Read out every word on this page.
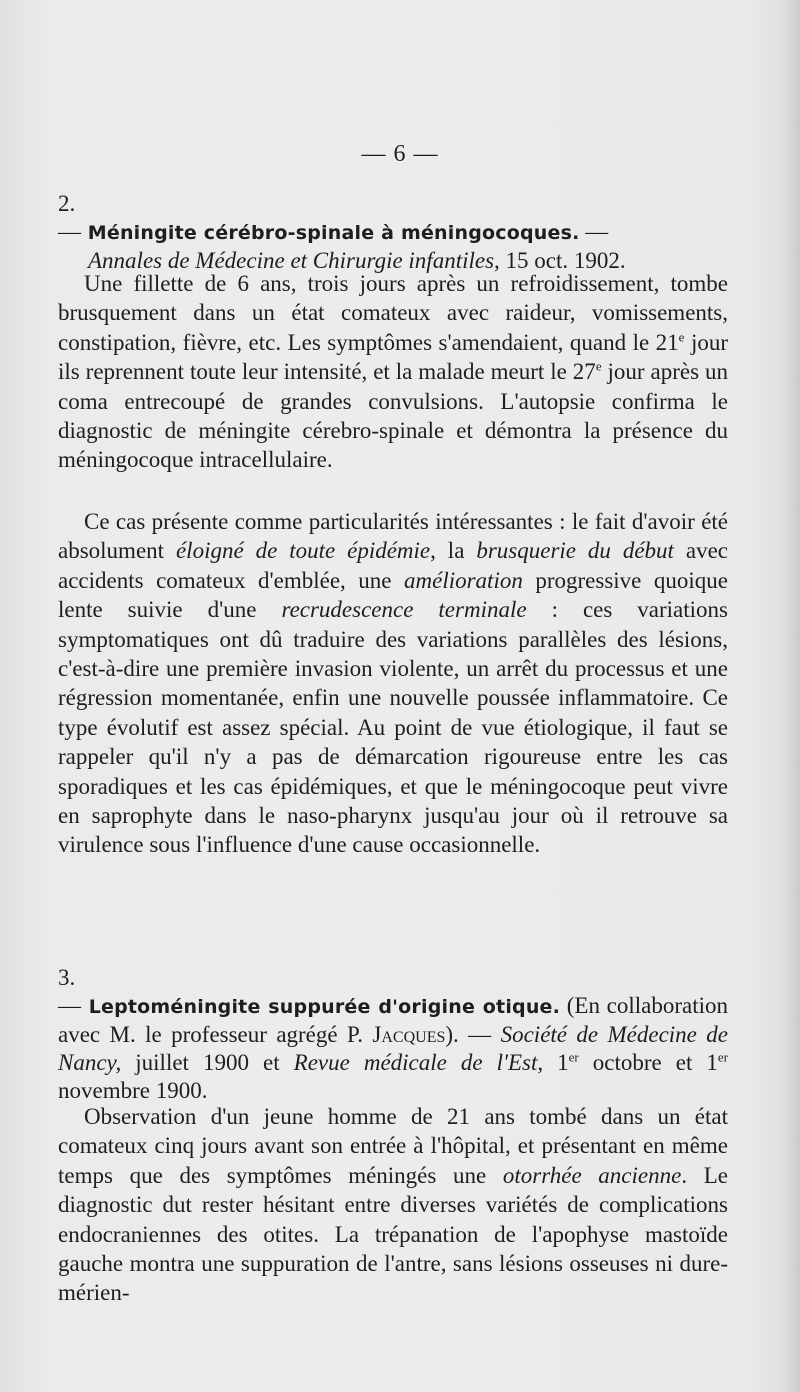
— 6 —
2. — Méningite cérébro-spinale à méningocoques. —
Annales de Médecine et Chirurgie infantiles, 15 oct. 1902.

Une fillette de 6 ans, trois jours après un refroidissement, tombe brusquement dans un état comateux avec raideur, vomissements, constipation, fièvre, etc. Les symptômes s'amendaient, quand le 21e jour ils reprennent toute leur intensité, et la malade meurt le 27e jour après un coma entrecoupé de grandes convulsions. L'autopsie confirma le diagnostic de méningite cérebro-spinale et démontra la présence du méningocoque intracellulaire.

Ce cas présente comme particularités intéressantes : le fait d'avoir été absolument éloigné de toute épidémie, la brusquerie du début avec accidents comateux d'emblée, une amélioration progressive quoique lente suivie d'une recrudescence terminale : ces variations symptomatiques ont dû traduire des variations parallèles des lésions, c'est-à-dire une première invasion violente, un arrêt du processus et une régression momentanée, enfin une nouvelle poussée inflammatoire. Ce type évolutif est assez spécial. Au point de vue étiologique, il faut se rappeler qu'il n'y a pas de démarcation rigoureuse entre les cas sporadiques et les cas épidémiques, et que le méningocoque peut vivre en saprophyte dans le naso-pharynx jusqu'au jour où il retrouve sa virulence sous l'influence d'une cause occasionnelle.

3. — Leptoméningite suppurée d'origine otique. (En collaboration avec M. le professeur agrégé P. Jacques). — Société de Médecine de Nancy, juillet 1900 et Revue médicale de l'Est, 1er octobre et 1er novembre 1900.

Observation d'un jeune homme de 21 ans tombé dans un état comateux cinq jours avant son entrée à l'hôpital, et présentant en même temps que des symptômes méningés une otorrhée ancienne. Le diagnostic dut rester hésitant entre diverses variétés de complications endocraniennes des otites. La trépanation de l'apophyse mastoïde gauche montra une suppuration de l'antre, sans lésions osseuses ni dure-mérien-
